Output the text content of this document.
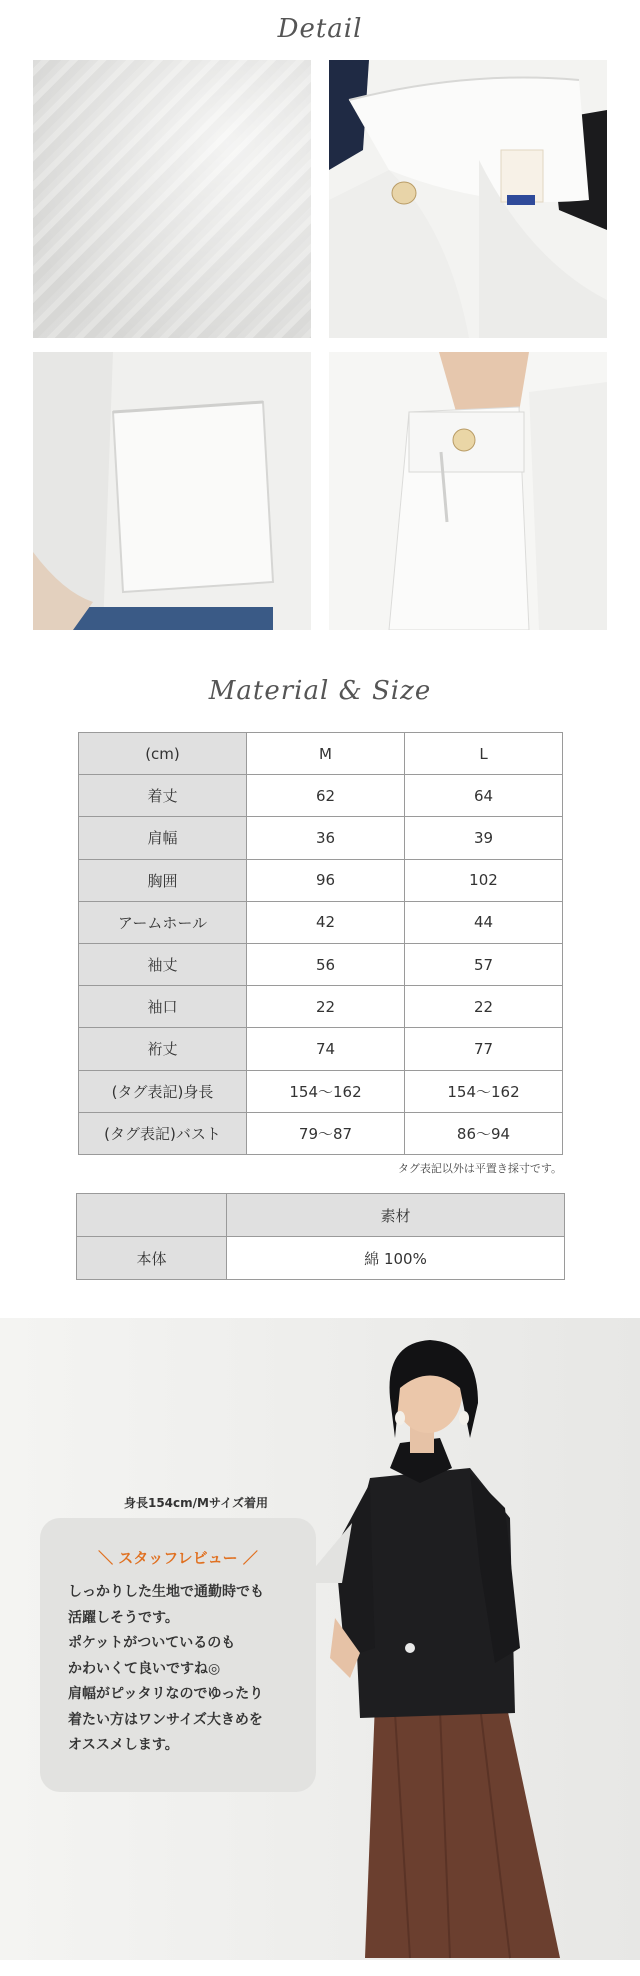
Detail
Material & Size
(cm)	M	L
着丈	62	64
肩幅	36	39
胸囲	96	102
アームホール	42	44
袖丈	56	57
袖口	22	22
裄丈	74	77
(タグ表記)身長	154〜162	154〜162
(タグ表記)バスト	79〜87	86〜94
タグ表記以外は平置き採寸です。
	素材
本体	綿 100%
身長154cm/Mサイズ着用
＼ スタッフレビュー ／
しっかりした生地で通勤時でも
活躍しそうです。
ポケットがついているのも
かわいくて良いですね◎
肩幅がピッタリなのでゆったり
着たい方はワンサイズ大きめを
オススメします。
